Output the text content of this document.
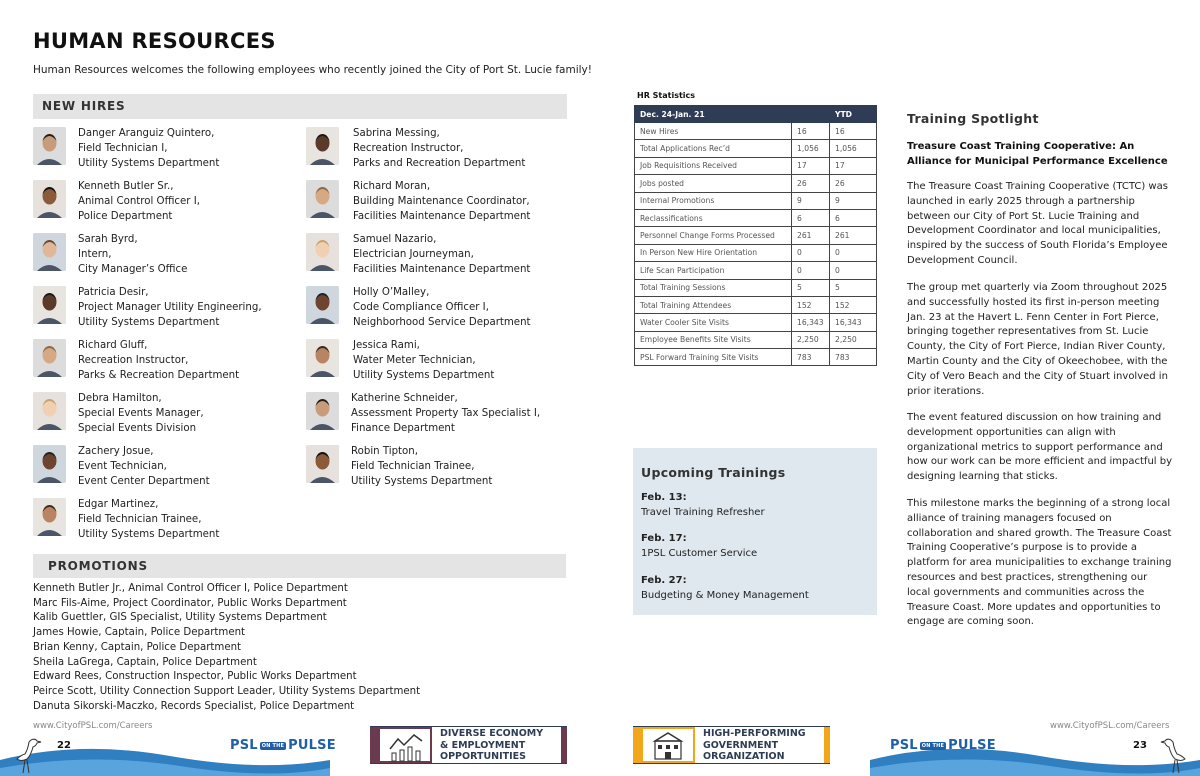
HUMAN RESOURCES
Human Resources welcomes the following employees who recently joined the City of Port St. Lucie family!
NEW HIRES
Danger Aranguiz Quintero,
Field Technician I,
Utility Systems Department
Kenneth Butler Sr.,
Animal Control Officer I,
Police Department
Sarah Byrd,
Intern,
City Manager’s Office
Patricia Desir,
Project Manager Utility Engineering,
Utility Systems Department
Richard Gluff,
Recreation Instructor,
Parks & Recreation Department
Debra Hamilton,
Special Events Manager,
Special Events Division
Zachery Josue,
Event Technician,
Event Center Department
Edgar Martinez,
Field Technician Trainee,
Utility Systems Department
Sabrina Messing,
Recreation Instructor,
Parks and Recreation Department
Richard Moran,
Building Maintenance Coordinator,
Facilities Maintenance Department
Samuel Nazario,
Electrician Journeyman,
Facilities Maintenance Department
Holly O’Malley,
Code Compliance Officer I,
Neighborhood Service Department
Jessica Rami,
Water Meter Technician,
Utility Systems Department
Katherine Schneider,
Assessment Property Tax Specialist I,
Finance Department
Robin Tipton,
Field Technician Trainee,
Utility Systems Department
PROMOTIONS
Kenneth Butler Jr., Animal Control Officer I, Police Department
Marc Fils-Aime, Project Coordinator, Public Works Department
Kalib Guettler, GIS Specialist, Utility Systems Department
James Howie, Captain, Police Department
Brian Kenny, Captain, Police Department
Sheila LaGrega, Captain, Police Department
Edward Rees, Construction Inspector, Public Works Department
Peirce Scott, Utility Connection Support Leader, Utility Systems Department
Danuta Sikorski-Maczko, Records Specialist, Police Department
HR Statistics
Dec. 24-Jan. 21		YTD
New Hires	16	16
Total Applications Rec’d	1,056	1,056
Job Requisitions Received	17	17
Jobs posted	26	26
Internal Promotions	9	9
Reclassifications	6	6
Personnel Change Forms Processed	261	261
In Person New Hire Orientation	0	0
Life Scan Participation	0	0
Total Training Sessions	5	5
Total Training Attendees	152	152
Water Cooler Site Visits	16,343	16,343
Employee Benefits Site Visits	2,250	2,250
PSL Forward Training Site Visits	783	783
Upcoming Trainings
Feb. 13:
Travel Training Refresher
Feb. 17:
1PSL Customer Service
Feb. 27:
Budgeting & Money Management
Training Spotlight
Treasure Coast Training Cooperative: An Alliance for Municipal Performance Excellence
The Treasure Coast Training Cooperative (TCTC) was launched in early 2025 through a partnership between our City of Port St. Lucie Training and Development Coordinator and local municipalities, inspired by the success of South Florida’s Employee Development Council.
The group met quarterly via Zoom throughout 2025 and successfully hosted its first in-person meeting Jan. 23 at the Havert L. Fenn Center in Fort Pierce, bringing together representatives from St. Lucie County, the City of Fort Pierce, Indian River County, Martin County and the City of Okeechobee, with the City of Vero Beach and the City of Stuart involved in prior iterations.
The event featured discussion on how training and development opportunities can align with organizational metrics to support performance and how our work can be more efficient and impactful by designing learning that sticks.
This milestone marks the beginning of a strong local alliance of training managers focused on collaboration and shared growth. The Treasure Coast Training Cooperative’s purpose is to provide a platform for area municipalities to exchange training resources and best practices, strengthening our local governments and communities across the Treasure Coast. More updates and opportunities to engage are coming soon.
www.CityofPSL.com/Careers
22	PSL ON THE PULSE
DIVERSE ECONOMY
& EMPLOYMENT
OPPORTUNITIES
HIGH-PERFORMING
GOVERNMENT
ORGANIZATION
www.CityofPSL.com/Careers
PSL ON THE PULSE	23
